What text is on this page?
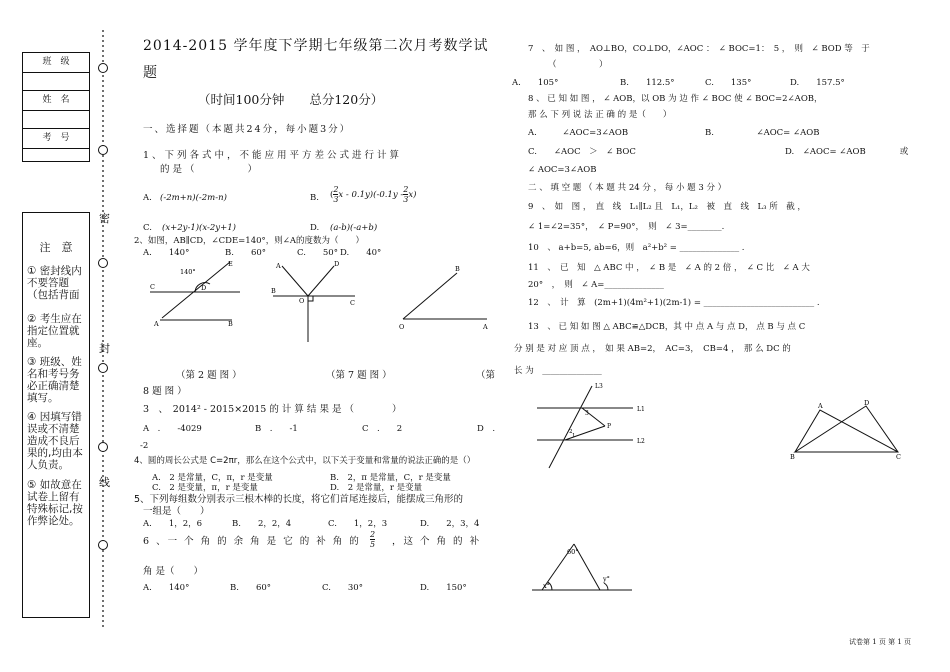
班　级
姓　名
考　号
注　意
① 密封线内不要答题（包括背面
② 考生应在指定位置就座。
③ 班级、姓名和考号务必正确清楚填写。
④ 因填写错误或不清楚造成不良后果的,均由本人负责。
⑤ 如故意在试卷上留有特殊标记,按作弊论处。
密
封
线
2014-2015 学年度下学期七年级第二次月考数学试
题
（时间100分钟　　总分120分）
一、选择题（本题共24分，每小题3分）
1、下列各式中，不能应用平方差公式进行计算
的是（　　　　）
A. (-2m+n)(-2m-n)	B. ( $\frac{2}{3}$ x - $0.1y)(-0.1y - \frac{2}{3} x)$
C. (x+2y-1)(x-2y+1)	D. (a-b)(-a+b)
2、如图，AB∥CD，∠CDE=140°，则∠A的度数为（　　）
A.　　140°	B.　　60°	C.　　50° D.　　40°
C	D
E
A	B
140°
A	D
B
C
O
B
O	A
（第 2 题 图 ）	（第 7 题 图 ）	（第
8 题 图 ）
3　、　2014² - 2015×2015 的 计 算 结 果 是 （　　　　）
A　.　　-4029	B　.　　-1	C　.　　2	D　.
-2
4、圆的周长公式是 C=2πr，那么在这个公式中，以下关于变量和常量的说法正确的是（）
A.　2 是常量，C，π，r 是变量	B.　2，π 是常量，C，r 是变量
C.　2 是变量，π，r 是变量	D.　2 是常量，r 是变量
5、下列每组数分别表示三根木棒的长度，将它们首尾连接后，能摆成三角形的
一组是（　　）
A.　　1，2，6	B.　　2，2，4	C.　　1，2，3	D.　　2，3，4
6 、一 个 角 的 余 角 是 它 的 补 角 的 $\frac{2}{5}$ ，这 个 角 的 补
角 是（　　）
A.　　140°	B.　　60°	C.　　30°	D.　　150°
7　、　如 图 ，　AO⊥BO，CO⊥DO，∠AOC ：　∠ BOC=1：　5 ，　则　∠ BOD 等　于
（　　　　　）
A.　　105°	B.　　112.5°	C.　　135°	D.　　157.5°
8 、 已 知 如 图 ， ∠ AOB，以 OB 为 边 作 ∠ BOC 使 ∠ BOC=2∠AOB，
那 么 下 列 说 法 正 确 的 是（　　）
A.　　　∠AOC=3∠AOB	B.　　　　　∠AOC= ∠AOB
C.　　∠AOC　＞　∠ BOC	D.　∠AOC= ∠AOB　　　　或
∠ AOC=3∠AOB
二 、 填 空 题 （ 本 题 共 24 分 ， 每 小 题 3 分 ）
9　、　如　图 ，　直　线　L₁∥L₂ 且　L₁，L₂　被　直　线　L₃ 所　截 ，
∠ 1=∠2=35°，　∠ P=90°，　则　∠ 3=________.
10　、 a+b=5, ab=6，则　a²+b² = ______________ .
11　、　已　知　△ ABC 中 ，　∠ B 是　∠ A 的 2 倍 ，　∠ C 比　∠ A 大
20°　，　则　∠ A=______________
12　、　计　算　(2m+1)(4m²+1)(2m-1) = __________________________ .
13　、 已 知 如 图 △ ABC≌△DCB，其 中 点 A 与 点 D， 点 B 与 点 C
分 别 是 对 应 顶 点 ，　如 果 AB=2，　AC=3，　CB=4 ，　那 么 DC 的
长 为　______________
L3
L1
L2
3
P
1
2
A	D
B	C
60°
x°
y°
试卷第 1 页 第 1 页
